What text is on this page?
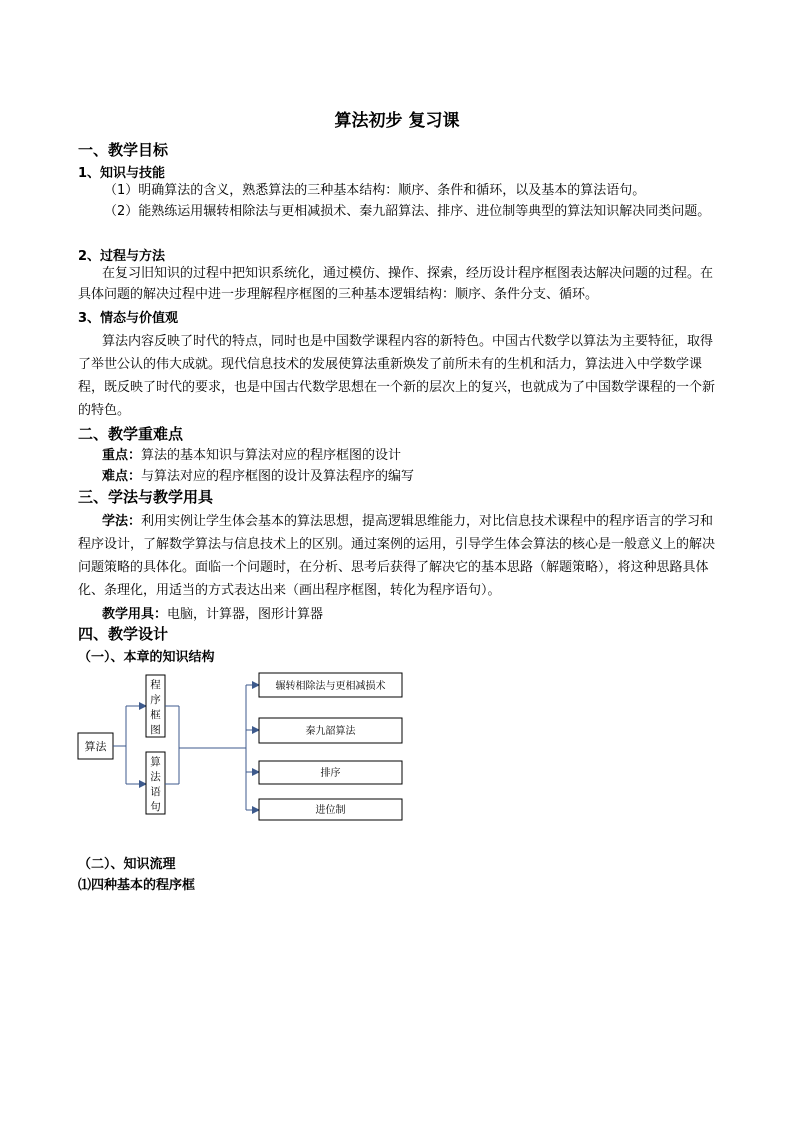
算法初步 复习课
一、教学目标
1、知识与技能
（1）明确算法的含义，熟悉算法的三种基本结构：顺序、条件和循环，以及基本的算法语句。
（2）能熟练运用辗转相除法与更相减损术、秦九韶算法、排序、进位制等典型的算法知识解决同类问题。
2、过程与方法
在复习旧知识的过程中把知识系统化，通过模仿、操作、探索，经历设计程序框图表达解决问题的过程。在具体问题的解决过程中进一步理解程序框图的三种基本逻辑结构：顺序、条件分支、循环。
3、情态与价值观
算法内容反映了时代的特点，同时也是中国数学课程内容的新特色。中国古代数学以算法为主要特征，取得了举世公认的伟大成就。现代信息技术的发展使算法重新焕发了前所未有的生机和活力，算法进入中学数学课程，既反映了时代的要求，也是中国古代数学思想在一个新的层次上的复兴，也就成为了中国数学课程的一个新的特色。
二、教学重难点
重点：算法的基本知识与算法对应的程序框图的设计
难点：与算法对应的程序框图的设计及算法程序的编写
三、学法与教学用具
学法：利用实例让学生体会基本的算法思想，提高逻辑思维能力，对比信息技术课程中的程序语言的学习和程序设计，了解数学算法与信息技术上的区别。通过案例的运用，引导学生体会算法的核心是一般意义上的解决问题策略的具体化。面临一个问题时，在分析、思考后获得了解决它的基本思路（解题策略），将这种思路具体化、条理化，用适当的方式表达出来（画出程序框图，转化为程序语句）。
教学用具：电脑，计算器，图形计算器
四、教学设计
（一）、本章的知识结构
算法
程
序
框
图
算
法
语
句
辗转相除法与更相减损术
秦九韶算法
排序
进位制
（二）、知识流理
⑴四种基本的程序框
